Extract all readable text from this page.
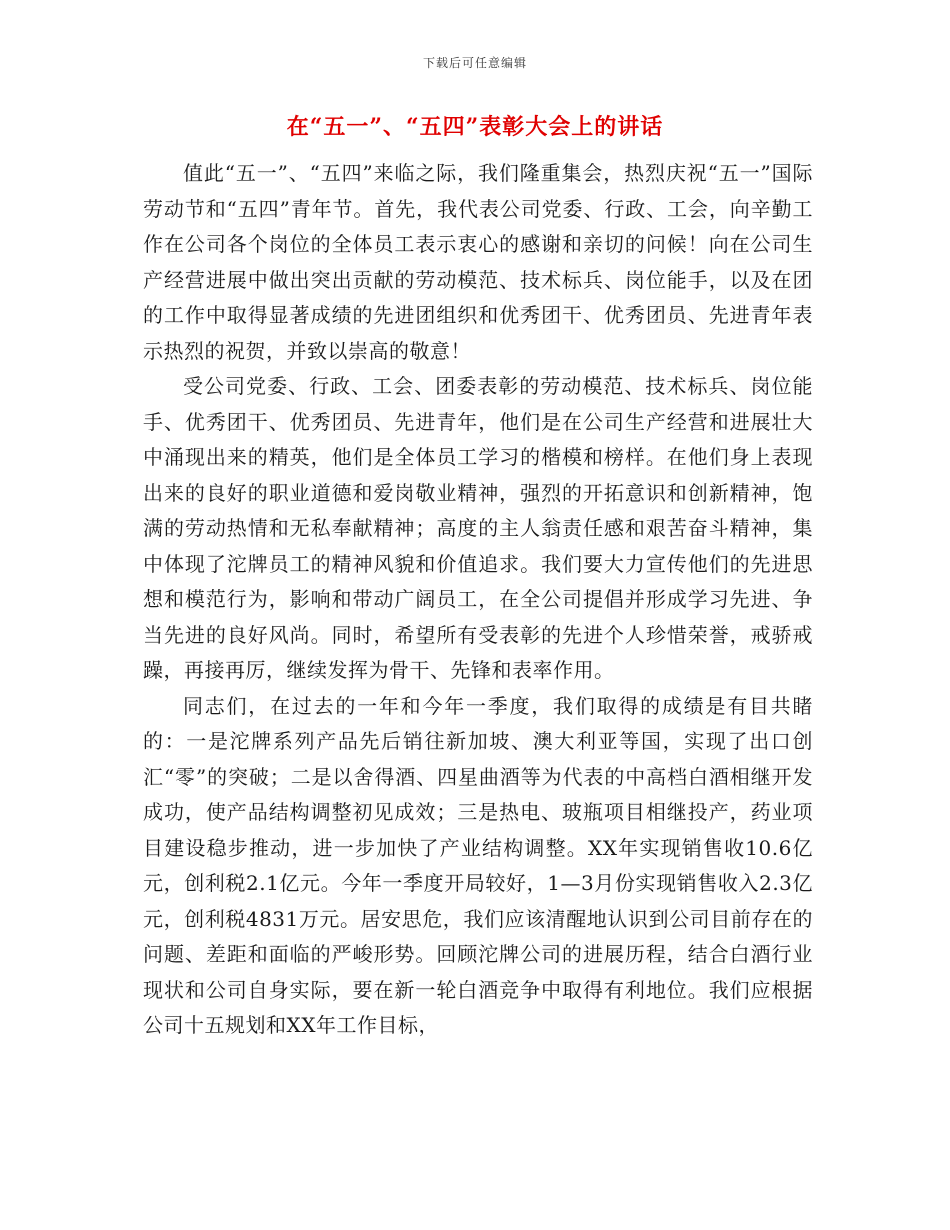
下载后可任意编辑
在“五一”、“五四”表彰大会上的讲话

值此“五一”、“五四”来临之际，我们隆重集会，热烈庆祝“五一”国际劳动节和“五四”青年节。首先，我代表公司党委、行政、工会，向辛勤工作在公司各个岗位的全体员工表示衷心的感谢和亲切的问候！向在公司生产经营进展中做出突出贡献的劳动模范、技术标兵、岗位能手，以及在团的工作中取得显著成绩的先进团组织和优秀团干、优秀团员、先进青年表示热烈的祝贺，并致以崇高的敬意！

受公司党委、行政、工会、团委表彰的劳动模范、技术标兵、岗位能手、优秀团干、优秀团员、先进青年，他们是在公司生产经营和进展壮大中涌现出来的精英，他们是全体员工学习的楷模和榜样。在他们身上表现出来的良好的职业道德和爱岗敬业精神，强烈的开拓意识和创新精神，饱满的劳动热情和无私奉献精神；高度的主人翁责任感和艰苦奋斗精神，集中体现了沱牌员工的精神风貌和价值追求。我们要大力宣传他们的先进思想和模范行为，影响和带动广阔员工，在全公司提倡并形成学习先进、争当先进的良好风尚。同时，希望所有受表彰的先进个人珍惜荣誉，戒骄戒躁，再接再厉，继续发挥为骨干、先锋和表率作用。

同志们，在过去的一年和今年一季度，我们取得的成绩是有目共睹的：一是沱牌系列产品先后销往新加坡、澳大利亚等国，实现了出口创汇“零”的突破；二是以舍得酒、四星曲酒等为代表的中高档白酒相继开发成功，使产品结构调整初见成效；三是热电、玻瓶项目相继投产，药业项目建设稳步推动，进一步加快了产业结构调整。XX年实现销售收10.6亿元，创利税2.1亿元。今年一季度开局较好，1—3月份实现销售收入2.3亿元，创利税4831万元。居安思危，我们应该清醒地认识到公司目前存在的问题、差距和面临的严峻形势。回顾沱牌公司的进展历程，结合白酒行业现状和公司自身实际，要在新一轮白酒竞争中取得有利地位。我们应根据公司十五规划和XX年工作目标，
